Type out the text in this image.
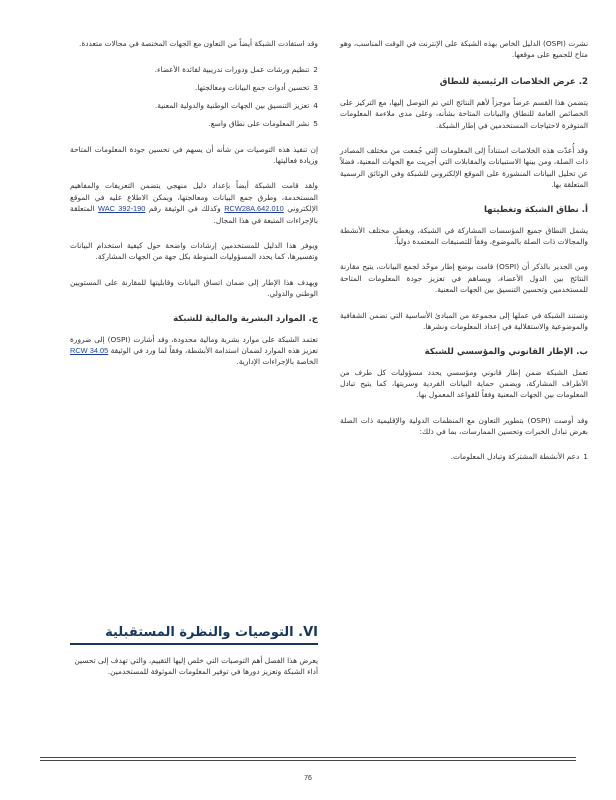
نشرت (OSPI) الدليل الخاص بهذه الشبكة على الإنترنت في الوقت المناسب، وهو متاح للجميع على موقعها.

2. عرض الخلاصات الرئيسية للنطاق

يتضمن هذا القسم عرضاً موجزاً لأهم النتائج التي تم التوصل إليها، مع التركيز على الخصائص العامة للنطاق والبيانات المتاحة بشأنه، وعلى مدى ملاءمة المعلومات المتوفرة لاحتياجات المستخدمين في إطار الشبكة.

وقد أُعدّت هذه الخلاصات استناداً إلى المعلومات التي جُمعت من مختلف المصادر ذات الصلة، ومن بينها الاستبيانات والمقابلات التي أُجريت مع الجهات المعنية، فضلاً عن تحليل البيانات المنشورة على الموقع الإلكتروني للشبكة وفي الوثائق الرسمية المتعلقة بها.

أ. نطاق الشبكة وتغطيتها

يشمل النطاق جميع المؤسسات المشاركة في الشبكة، ويغطي مختلف الأنشطة والمجالات ذات الصلة بالموضوع، وفقاً للتصنيفات المعتمدة دولياً.

ومن الجدير بالذكر أن (OSPI) قامت بوضع إطار موحّد لجمع البيانات، يتيح مقارنة النتائج بين الدول الأعضاء، ويساهم في تعزيز جودة المعلومات المتاحة للمستخدمين وتحسين التنسيق بين الجهات المعنية.

وتستند الشبكة في عملها إلى مجموعة من المبادئ الأساسية التي تضمن الشفافية والموضوعية والاستقلالية في إعداد المعلومات ونشرها.

ب. الإطار القانوني والمؤسسي للشبكة

تعمل الشبكة ضمن إطار قانوني ومؤسسي يحدد مسؤوليات كل طرف من الأطراف المشاركة، ويضمن حماية البيانات الفردية وسريتها، كما يتيح تبادل المعلومات بين الجهات المعنية وفقاً للقواعد المعمول بها.

وقد أوصت (OSPI) بتطوير التعاون مع المنظمات الدولية والإقليمية ذات الصلة بغرض تبادل الخبرات وتحسين الممارسات، بما في ذلك:

1
دعم الأنشطة المشتركة وتبادل المعلومات.

وقد استفادت الشبكة أيضاً من التعاون مع الجهات المختصة في مجالات متعددة.

2
تنظيم ورشات عمل ودورات تدريبية لفائدة الأعضاء.
3
تحسين أدوات جمع البيانات ومعالجتها.
4
تعزيز التنسيق بين الجهات الوطنية والدولية المعنية.
5
نشر المعلومات على نطاق واسع.

إن تنفيذ هذه التوصيات من شأنه أن يسهم في تحسين جودة المعلومات المتاحة وزيادة فعاليتها.

ولقد قامت الشبكة أيضاً بإعداد دليل منهجي يتضمن التعريفات والمفاهيم المستخدمة، وطرق جمع البيانات ومعالجتها، ويمكن الاطلاع عليه في الموقع الإلكتروني RCW28A.642.010 وكذلك في الوثيقة رقم WAC 392-190 المتعلقة بالإجراءات المتبعة في هذا المجال.

ويوفر هذا الدليل للمستخدمين إرشادات واضحة حول كيفية استخدام البيانات وتفسيرها، كما يحدد المسؤوليات المنوطة بكل جهة من الجهات المشاركة.

ويهدف هذا الإطار إلى ضمان اتساق البيانات وقابليتها للمقارنة على المستويين الوطني والدولي.

ج. الموارد البشرية والمالية للشبكة

تعتمد الشبكة على موارد بشرية ومالية محدودة، وقد أشارت (OSPI) إلى ضرورة تعزيز هذه الموارد لضمان استدامة الأنشطة، وفقاً لما ورد في الوثيقة RCW 34.05 الخاصة بالإجراءات الإدارية.

VI. التوصيات والنظرة المستقبلية

يعرض هذا الفصل أهم التوصيات التي خلص إليها التقييم، والتي تهدف إلى تحسين أداء الشبكة وتعزيز دورها في توفير المعلومات الموثوقة للمستخدمين.

76
